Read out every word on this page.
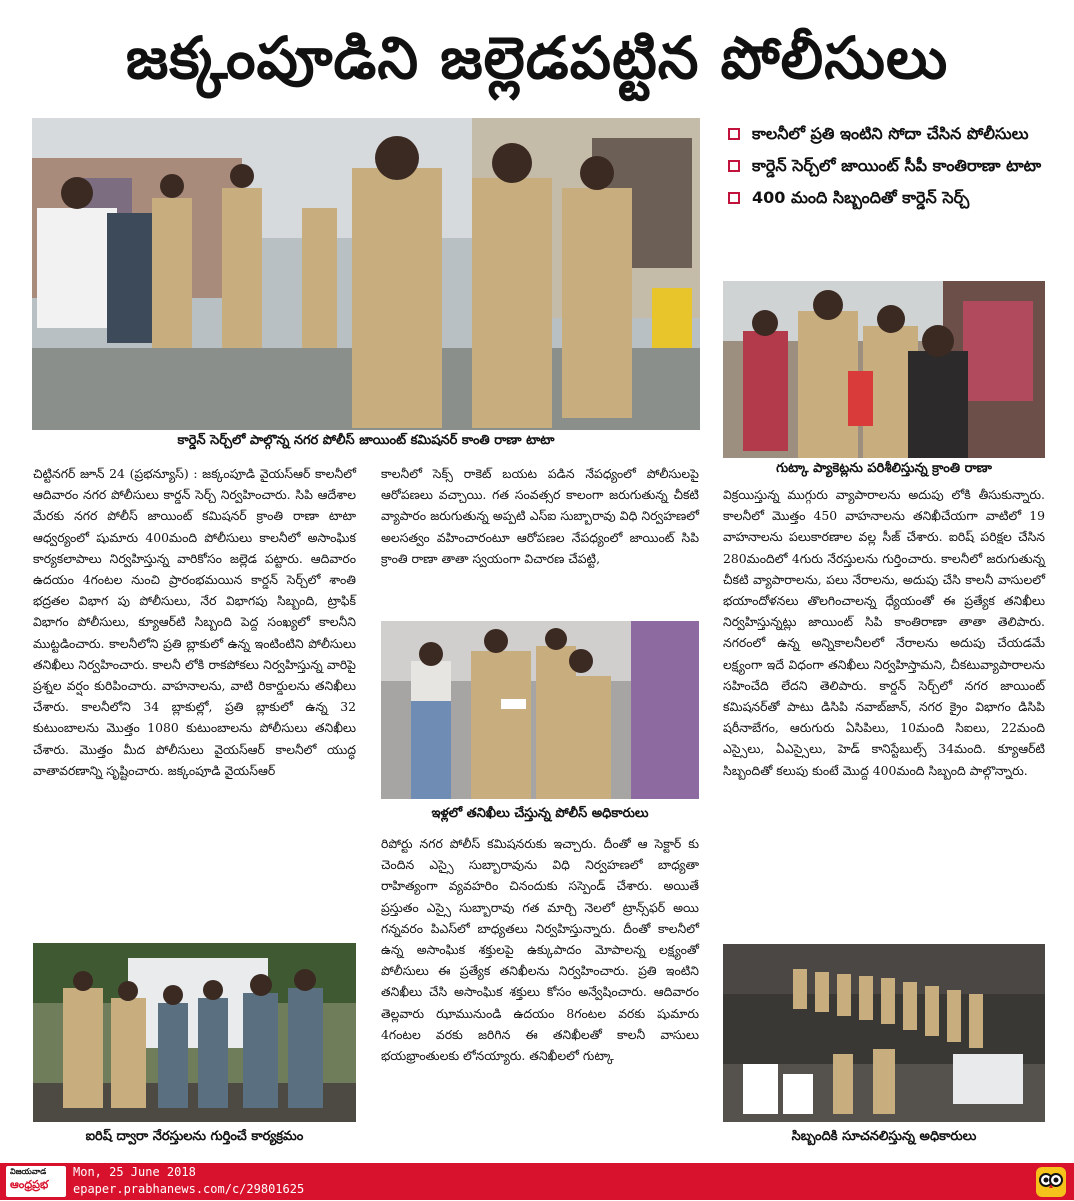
జక్కంపూడిని జల్లెడపట్టిన పోలీసులు
కార్డెన్ సెర్చ్‌లో పాల్గొన్న నగర పోలీస్ జాయింట్ కమిషనర్ కాంతి రాణా టాటా
కాలనీలో ప్రతి ఇంటిని సోదా చేసిన పోలీసులు
కార్డెన్ సెర్చ్‌లో జాయింట్ సీపీ కాంతిరాణా టాటా
400 మంది సిబ్బందితో కార్డెన్ సెర్చ్
గుట్కా ప్యాకెట్లను పరిశీలిస్తున్న క్రాంతి రాణా

చిట్టినగర్ జూన్ 24 (ప్రభన్యూస్) : జక్కంపూడి వైయస్‌ఆర్ కాలనీలో ఆదివారం నగర పోలీసులు కార్డన్ సెర్చ్ నిర్వహించారు. సిపి ఆదేశాల మేరకు నగర పోలీస్ జాయింట్ కమిషనర్ క్రాంతి రాణా టాటా ఆధ్వర్యంలో షుమారు 400మంది పోలీసులు కాలనీలో అసాంఘిక కార్యకలాపాలు నిర్వహిస్తున్న వారికోసం జల్లెడ పట్టారు. ఆదివారం ఉదయం 4గంటల నుంచి ప్రారంభమయిన కార్డన్ సెర్చ్‌లో శాంతి భద్రతల విభాగ పు పోలీసులు, నేర విభాగపు సిబ్బంది, ట్రాఫిక్ విభాగం పోలీసులు, క్యూఆర్‌టి సిబ్బంది పెద్ద సంఖ్యలో కాలనీని ముట్టడించారు. కాలనీలోని ప్రతి బ్లాకులో ఉన్న ఇంటింటిని పోలీసులు తనిఖీలు నిర్వహించారు. కాలనీ లోకి రాకపోకలు నిర్వహిస్తున్న వారిపై ప్రశ్నల వర్షం కురిపించారు. వాహనాలను, వాటి రికార్డులను తనిఖీలు చేశారు. కాలనీలోని 34 బ్లాకుల్లో, ప్రతి బ్లాకులో ఉన్న 32 కుటుంబాలను మొత్తం 1080 కుటుంబాలను పోలీసులు తనిఖీలు చేశారు. మొత్తం మీద పోలీసులు వైయస్‌ఆర్ కాలనీలో యుద్ధ వాతావరణాన్ని సృష్టించారు. జక్కంపూడి వైయస్‌ఆర్

ఐరిష్ ద్వారా నేరస్తులను గుర్తించే కార్యక్రమం

కాలనీలో సెక్స్ రాకెట్ బయట పడిన నేపధ్యంలో పోలీసులపై ఆరోపణలు వచ్చాయి. గత సంవత్సర కాలంగా జరుగుతున్న చీకటి వ్యాపారం జరుగుతున్న అప్పటి ఎస్ఐ సుబ్బారావు విధి నిర్వహణలో అలసత్వం వహించారంటూ ఆరోపణల నేపధ్యంలో జాయింట్ సిపి క్రాంతి రాణా తాతా స్వయంగా విచారణ చేపట్టి,

ఇళ్లలో తనిఖీలు చేస్తున్న పోలీస్ అధికారులు

రిపోర్టు నగర పోలీస్ కమిషనరుకు ఇచ్చారు. దీంతో ఆ సెక్టార్ కు చెందిన ఎస్సై సుబ్బారావును విధి నిర్వహణలో బాధ్యతా రాహిత్యంగా వ్యవహరిం చినందుకు సస్పెండ్ చేశారు. అయితే ప్రస్తుతం ఎస్సై సుబ్బారావు గత మార్చి నెలలో ట్రాన్స్‌ఫర్ అయి గన్నవరం పిఎస్‌లో బాధ్యతలు నిర్వహిస్తున్నారు. దీంతో కాలనీలో ఉన్న అసాంఘిక శక్తులపై ఉక్కుపాదం మోపాలన్న లక్ష్యంతో పోలీసులు ఈ ప్రత్యేక తనిఖీలను నిర్వహించారు. ప్రతి ఇంటిని తనిఖీలు చేసి అసాంఘిక శక్తులు కోసం అన్వేషించారు. ఆదివారం తెల్లవారు ఝామునుండి ఉదయం 8గంటల వరకు షుమారు 4గంటల వరకు జరిగిన ఈ తనిఖీలతో కాలనీ వాసులు భయభ్రాంతులకు లోనయ్యారు. తనిఖీలలో గుట్కా

విక్రయిస్తున్న ముగ్గురు వ్యాపారాలను అదుపు లోకి తీసుకున్నారు. కాలనీలో మొత్తం 450 వాహనాలను తనిఖీచేయగా వాటిలో 19 వాహనాలను పలుకారణాల వల్ల సీజ్ చేశారు. ఐరిష్ పరిక్షల చేసిన 280మందిలో 4గురు నేరస్తులను గుర్తించారు. కాలనీలో జరుగుతున్న చీకటి వ్యాపారాలను, పలు నేరాలను, అదుపు చేసి కాలనీ వాసులలో భయాందోళనలు తొలగించాలన్న ధ్యేయంతో ఈ ప్రత్యేక తనిఖీలు నిర్వహిస్తున్నట్లు జాయింట్ సిపి కాంతిరాణా తాతా తెలిపారు. నగరంలో ఉన్న అన్నికాలనీలలో నేరాలను అదుపు చేయడమే లక్ష్యంగా ఇదే విధంగా తనిఖీలు నిర్వహిస్తామని, చీకటువ్యాపారాలను సహించేది లేదని తెలిపారు. కార్డన్ సెర్చ్‌లో నగర జాయింట్ కమిషనర్‌తో పాటు డిసిపి నవాబ్‌జాన్, నగర క్రైం విభాగం డిసిపి షరీనాబేగం, ఆరుగురు ఏసిపిలు, 10మంది సిఐలు, 22మంది ఎస్సైలు, ఏఎస్సైలు, హెడ్ కానిస్టేబుల్స్ 34మంది. క్యూఆర్‌టి సిబ్బందితో కలుపు కుంటే మొద్ద 400మంది సిబ్బంది పాల్గొన్నారు.

సిబ్బందికి సూచనలిస్తున్న అధికారులు
విజయవాడ
ఆంధ్రప్రభ
Mon, 25 June 2018
epaper.prabhanews.com/c/29801625
